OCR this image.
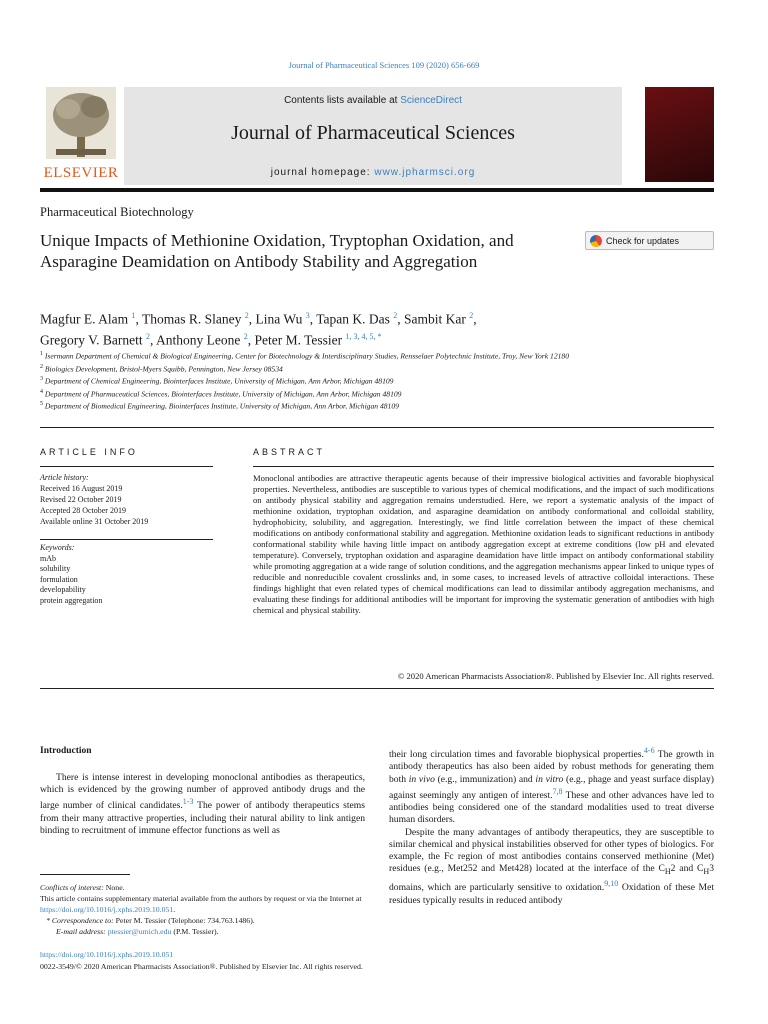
Journal of Pharmaceutical Sciences 109 (2020) 656-669
ELSEVIER
Contents lists available at ScienceDirect
Journal of Pharmaceutical Sciences
journal homepage: www.jpharmsci.org
Pharmaceutical Biotechnology
Unique Impacts of Methionine Oxidation, Tryptophan Oxidation, and Asparagine Deamidation on Antibody Stability and Aggregation
Check for updates
Magfur E. Alam $^1$, Thomas R. Slaney $^2$, Lina Wu $^3$, Tapan K. Das $^2$, Sambit Kar $^2$,
Gregory V. Barnett $^2$, Anthony Leone $^2$, Peter M. Tessier $^{1, 3, 4, 5, *}$
$^1$ Isermann Department of Chemical & Biological Engineering, Center for Biotechnology & Interdisciplinary Studies, Rensselaer Polytechnic Institute, Troy, New York 12180
$^2$ Biologics Development, Bristol-Myers Squibb, Pennington, New Jersey 08534
$^3$ Department of Chemical Engineering, Biointerfaces Institute, University of Michigan, Ann Arbor, Michigan 48109
$^4$ Department of Pharmaceutical Sciences, Biointerfaces Institute, University of Michigan, Ann Arbor, Michigan 48109
$^5$ Department of Biomedical Engineering, Biointerfaces Institute, University of Michigan, Ann Arbor, Michigan 48109
ARTICLE INFO	ABSTRACT
Article history:
Received 16 August 2019
Revised 22 October 2019
Accepted 28 October 2019
Available online 31 October 2019
Keywords:
mAb
solubility
formulation
developability
protein aggregation
Monoclonal antibodies are attractive therapeutic agents because of their impressive biological activities and favorable biophysical properties. Nevertheless, antibodies are susceptible to various types of chemical modifications, and the impact of such modifications on antibody physical stability and aggregation remains understudied. Here, we report a systematic analysis of the impact of methionine oxidation, tryptophan oxidation, and asparagine deamidation on antibody conformational and colloidal stability, hydrophobicity, solubility, and aggregation. Interestingly, we find little correlation between the impact of these chemical modifications on antibody conformational stability and aggregation. Methionine oxidation leads to significant reductions in antibody conformational stability while having little impact on antibody aggregation except at extreme conditions (low pH and elevated temperature). Conversely, tryptophan oxidation and asparagine deamidation have little impact on antibody conformational stability while promoting aggregation at a wide range of solution conditions, and the aggregation mechanisms appear linked to unique types of reducible and nonreducible covalent crosslinks and, in some cases, to increased levels of attractive colloidal interactions. These findings highlight that even related types of chemical modifications can lead to dissimilar antibody aggregation mechanisms, and evaluating these findings for additional antibodies will be important for improving the systematic generation of antibodies with high chemical and physical stability.
© 2020 American Pharmacists Association®. Published by Elsevier Inc. All rights reserved.
Introduction
There is intense interest in developing monoclonal antibodies as therapeutics, which is evidenced by the growing number of approved antibody drugs and the large number of clinical candidates.$^{1-3}$ The power of antibody therapeutics stems from their many attractive properties, including their natural ability to link antigen binding to recruitment of immune effector functions as well as

their long circulation times and favorable biophysical properties.$^{4-6}$ The growth in antibody therapeutics has also been aided by robust methods for generating them both in vivo (e.g., immunization) and in vitro (e.g., phage and yeast surface display) against seemingly any antigen of interest.$^{7,8}$ These and other advances have led to antibodies being considered one of the standard modalities used to treat diverse human disorders.

Despite the many advantages of antibody therapeutics, they are susceptible to similar chemical and physical instabilities observed for other types of biologics. For example, the Fc region of most antibodies contains conserved methionine (Met) residues (e.g., Met252 and Met428) located at the interface of the $C_H2$ and $C_H3$ domains, which are particularly sensitive to oxidation.$^{9,10}$ Oxidation of these Met residues typically results in reduced antibody

Conflicts of interest: None.
This article contains supplementary material available from the authors by request or via the Internet at https://doi.org/10.1016/j.xphs.2019.10.051.
* Correspondence to: Peter M. Tessier (Telephone: 734.763.1486).
E-mail address: ptessier@umich.edu (P.M. Tessier).
https://doi.org/10.1016/j.xphs.2019.10.051
0022-3549/© 2020 American Pharmacists Association®. Published by Elsevier Inc. All rights reserved.
